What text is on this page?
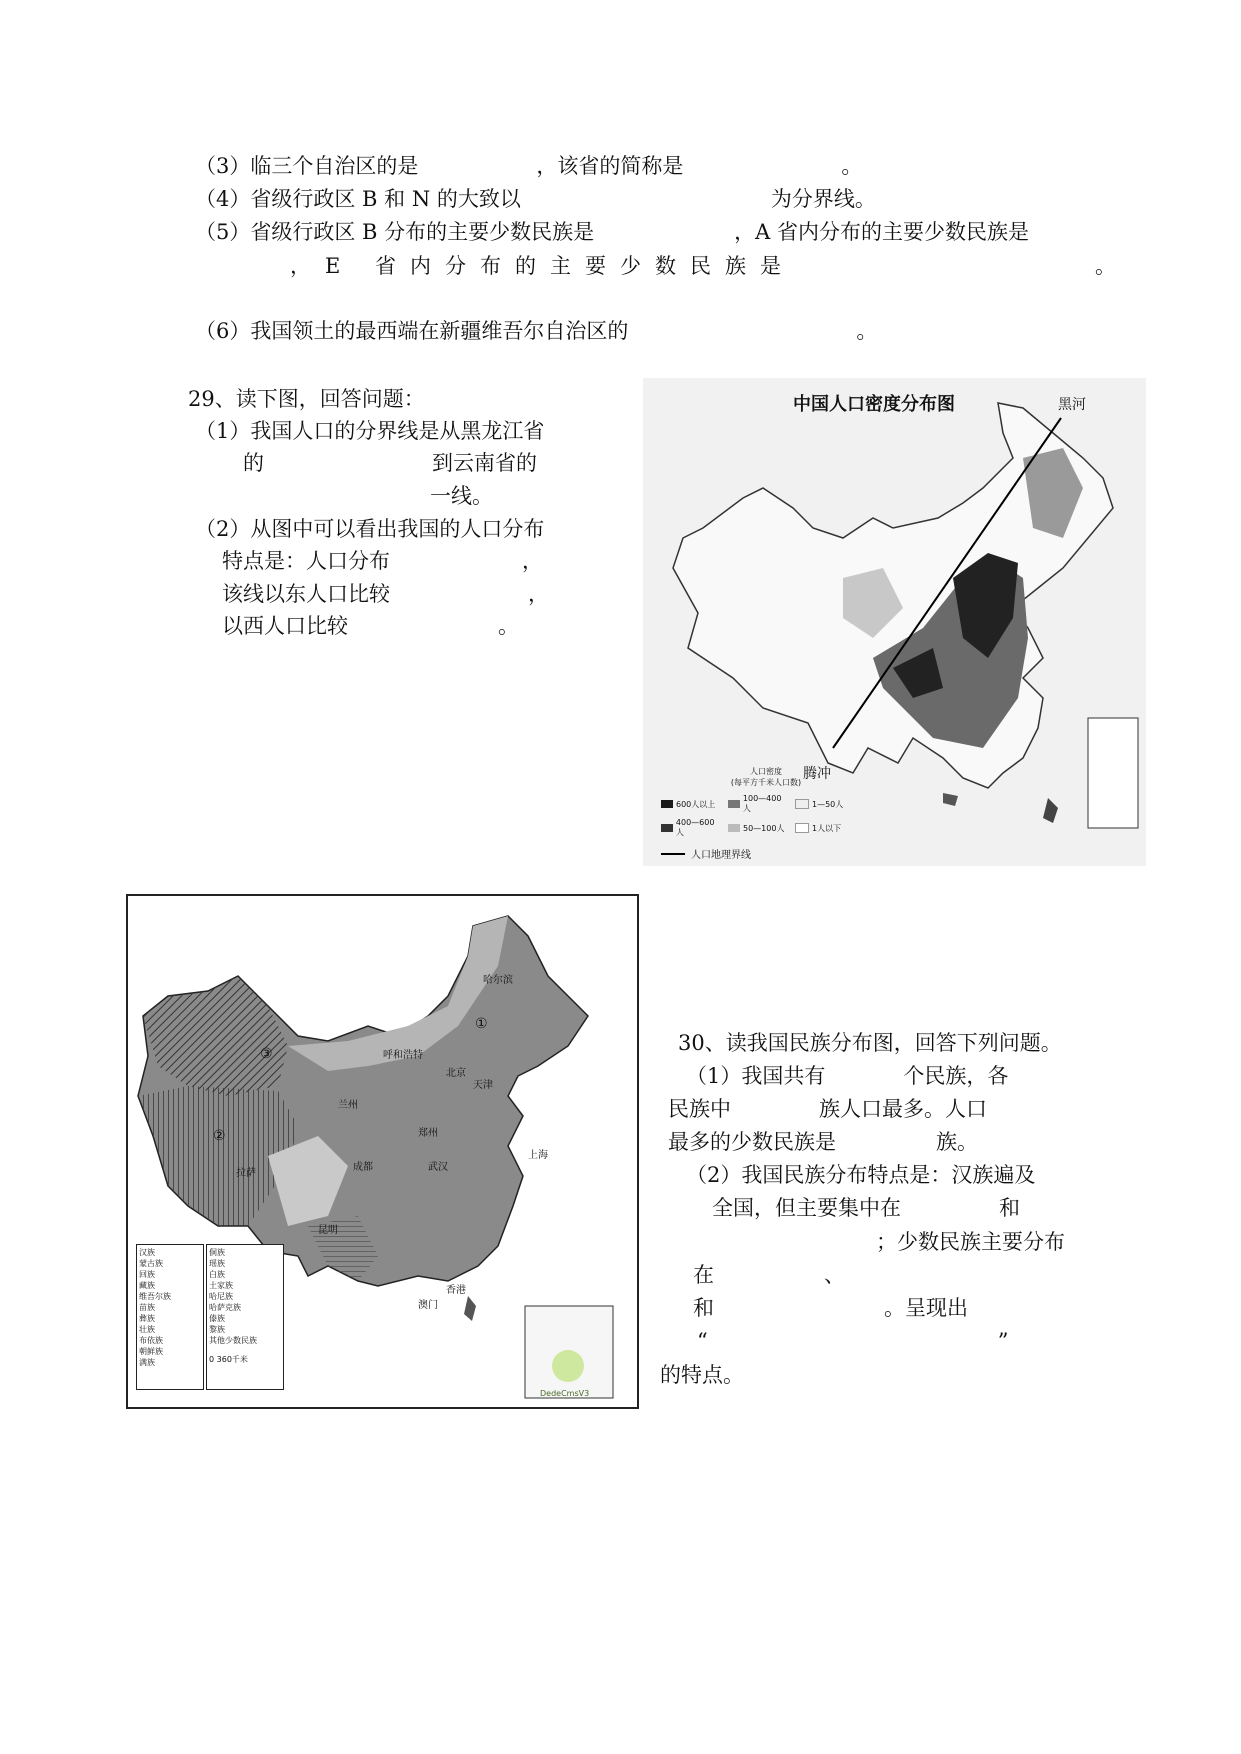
（3）临三个自治区的是	，该省的简称是	。
（4）省级行政区 B 和 N 的大致以	为分界线。
（5）省级行政区 B 分布的主要少数民族是	，A 省内分布的主要少数民族是
，E 省内分布的主要少数民族是	。
（6）我国领土的最西端在新疆维吾尔自治区的	。
29、读下图，回答问题：
（1）我国人口的分界线是从黑龙江省
的	到云南省的
一线。
（2）从图中可以看出我国的人口分布
特点是：人口分布	，
该线以东人口比较	，
以西人口比较	。
中国人口密度分布图	黑河
腾冲
人口密度
(每平方千米人口数)
600人以上
100—400人	1—50人
400—600人	50—100人	1人以下
人口地理界线
哈尔滨
北京
上海
武汉
成都
郑州
拉萨
昆明
香港
澳门
呼和浩特
兰州
天津
①
②
③
汉族
蒙古族
回族
藏族
维吾尔族
苗族
彝族
壮族
布依族
朝鲜族
满族
侗族
瑶族
白族
土家族
哈尼族
哈萨克族
傣族
黎族
其他少数民族
0 360千米
DedeCmsV3
30、读我国民族分布图，回答下列问题。
（1）我国共有	个民族，各
民族中	族人口最多。人口
最多的少数民族是	族。
（2）我国民族分布特点是：汉族遍及
全国，但主要集中在	和
；少数民族主要分布
在	、
和	。呈现出
“	”
的特点。
